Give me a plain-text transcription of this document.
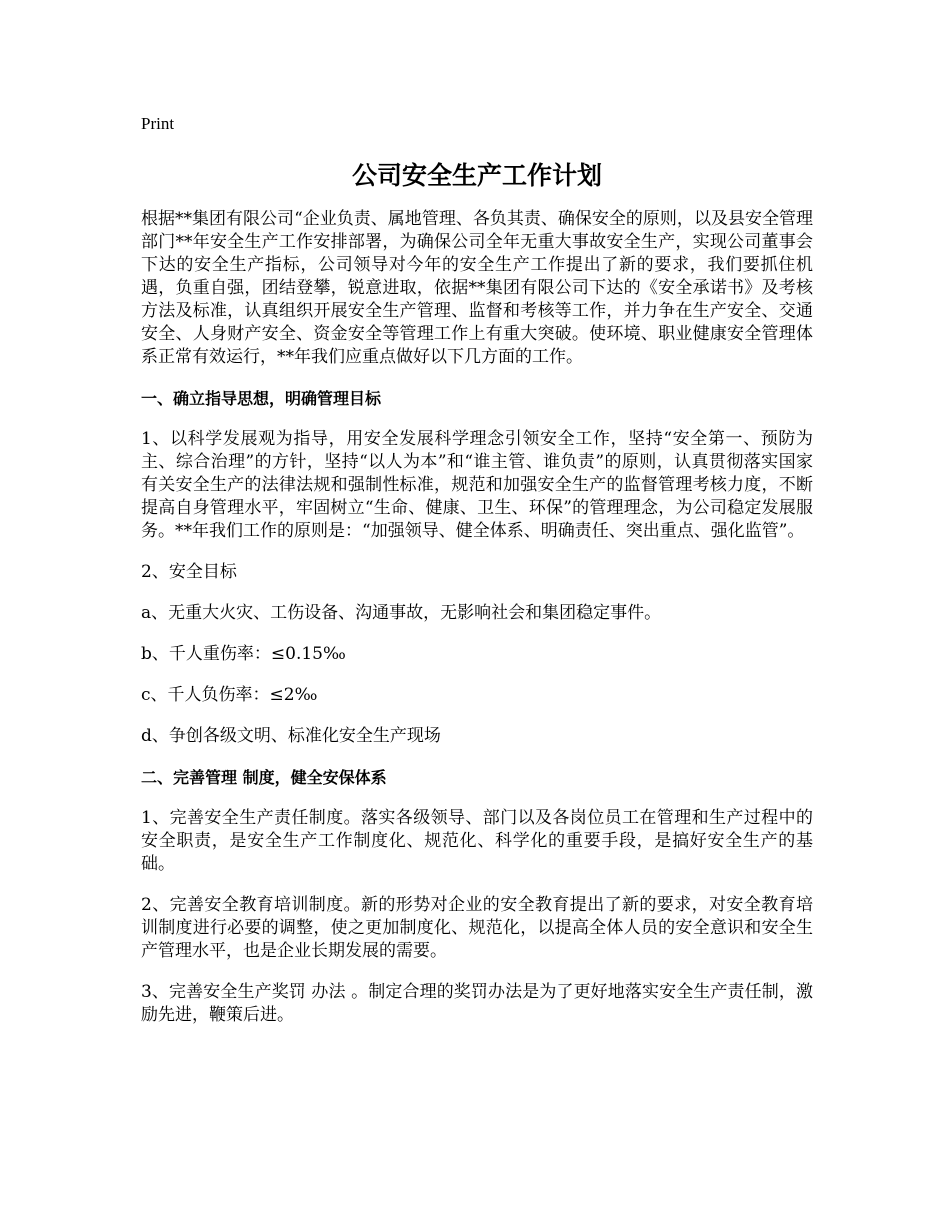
Print
公司安全生产工作计划

根据**集团有限公司“企业负责、属地管理、各负其责、确保安全的原则，以及县安全管理部门**年安全生产工作安排部署，为确保公司全年无重大事故安全生产，实现公司董事会下达的安全生产指标，公司领导对今年的安全生产工作提出了新的要求，我们要抓住机遇，负重自强，团结登攀，锐意进取，依据**集团有限公司下达的《安全承诺书》及考核方法及标准，认真组织开展安全生产管理、监督和考核等工作，并力争在生产安全、交通安全、人身财产安全、资金安全等管理工作上有重大突破。使环境、职业健康安全管理体系正常有效运行，**年我们应重点做好以下几方面的工作。

一、确立指导思想，明确管理目标

1、以科学发展观为指导，用安全发展科学理念引领安全工作，坚持“安全第一、预防为主、综合治理”的方针，坚持“以人为本”和“谁主管、谁负责”的原则，认真贯彻落实国家有关安全生产的法律法规和强制性标准，规范和加强安全生产的监督管理考核力度，不断提高自身管理水平，牢固树立“生命、健康、卫生、环保”的管理理念，为公司稳定发展服务。**年我们工作的原则是：“加强领导、健全体系、明确责任、突出重点、强化监管”。

2、安全目标

a、无重大火灾、工伤设备、沟通事故，无影响社会和集团稳定事件。

b、千人重伤率：≤0.15‰

c、千人负伤率：≤2‰

d、争创各级文明、标准化安全生产现场

二、完善管理 制度，健全安保体系

1、完善安全生产责任制度。落实各级领导、部门以及各岗位员工在管理和生产过程中的安全职责，是安全生产工作制度化、规范化、科学化的重要手段，是搞好安全生产的基础。

2、完善安全教育培训制度。新的形势对企业的安全教育提出了新的要求，对安全教育培训制度进行必要的调整，使之更加制度化、规范化，以提高全体人员的安全意识和安全生产管理水平，也是企业长期发展的需要。

3、完善安全生产奖罚 办法 。制定合理的奖罚办法是为了更好地落实安全生产责任制，激励先进，鞭策后进。
